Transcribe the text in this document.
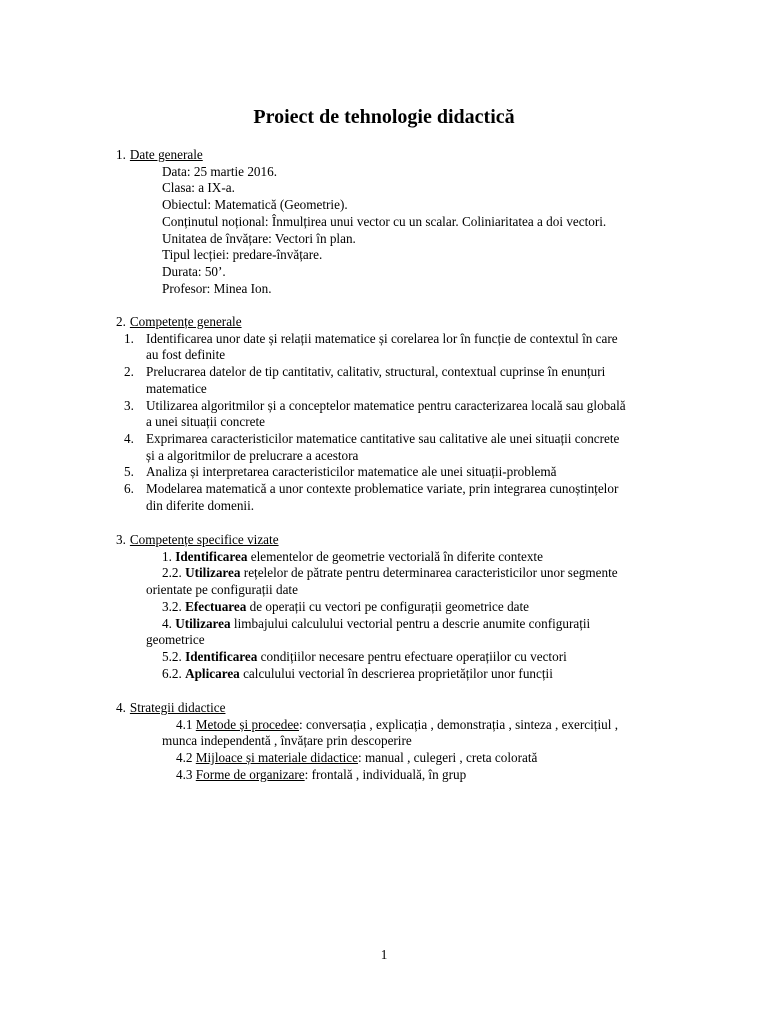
Proiect de tehnologie didactică
1. Date generale
Data: 25 martie 2016.
Clasa: a IX-a.
Obiectul: Matematică (Geometrie).
Conținutul noțional: Înmulțirea unui vector cu un scalar. Coliniaritatea a doi vectori.
Unitatea de învățare: Vectori în plan.
Tipul lecției: predare-învățare.
Durata: 50’.
Profesor: Minea Ion.
2. Competențe generale
1. Identificarea unor date și relații matematice și corelarea lor în funcție de contextul în care
au fost definite
2. Prelucrarea datelor de tip cantitativ, calitativ, structural, contextual cuprinse în enunțuri
matematice
3. Utilizarea algoritmilor și a conceptelor matematice pentru caracterizarea locală sau globală
a unei situații concrete
4. Exprimarea caracteristicilor matematice cantitative sau calitative ale unei situații concrete
și a algoritmilor de prelucrare a acestora
5. Analiza și interpretarea caracteristicilor matematice ale unei situații-problemă
6. Modelarea matematică a unor contexte problematice variate, prin integrarea cunoștințelor
din diferite domenii.
3. Competențe specifice vizate
1. Identificarea elementelor de geometrie vectorială în diferite contexte
2.2. Utilizarea rețelelor de pătrate pentru determinarea caracteristicilor unor segmente
orientate pe configurații date
3.2. Efectuarea de operații cu vectori pe configurații geometrice date
4. Utilizarea limbajului calculului vectorial pentru a descrie anumite configurații
geometrice
5.2. Identificarea condițiilor necesare pentru efectuare operațiilor cu vectori
6.2. Aplicarea calculului vectorial în descrierea proprietăților unor funcții
4. Strategii didactice
4.1 Metode și procedee: conversația , explicația , demonstrația , sinteza , exercițiul ,
munca independentă , învățare prin descoperire
4.2 Mijloace și materiale didactice: manual , culegeri , creta colorată
4.3 Forme de organizare: frontală , individuală, în grup
1
